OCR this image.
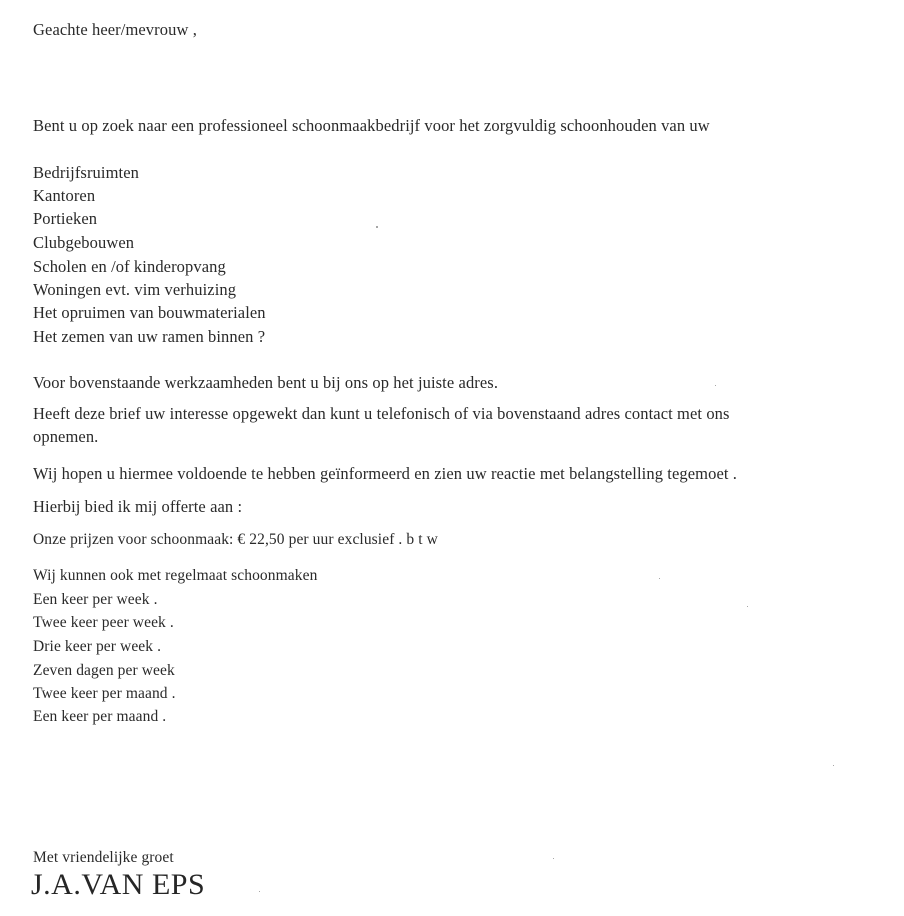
Geachte heer/mevrouw ,
Bent u op zoek naar een professioneel schoonmaakbedrijf voor het zorgvuldig schoonhouden van uw
Bedrijfsruimten
Kantoren
Portieken
Clubgebouwen
Scholen en /of kinderopvang
Woningen evt. vim verhuizing
Het opruimen van bouwmaterialen
Het zemen van uw ramen binnen ?
Voor bovenstaande werkzaamheden bent u bij ons op het juiste adres.
Heeft deze brief uw interesse opgewekt dan kunt u telefonisch of via bovenstaand adres contact met ons
opnemen.
Wij hopen u hiermee voldoende te hebben geïnformeerd en zien uw reactie met belangstelling tegemoet .
Hierbij bied ik mij offerte aan :
Onze prijzen voor schoonmaak: € 22,50 per uur exclusief . b t w
Wij kunnen ook met regelmaat schoonmaken
Een keer per week .
Twee keer peer week .
Drie keer per week .
Zeven dagen per week
Twee keer per maand .
Een keer per maand .
Met vriendelijke groet
J.A.VAN EPS
